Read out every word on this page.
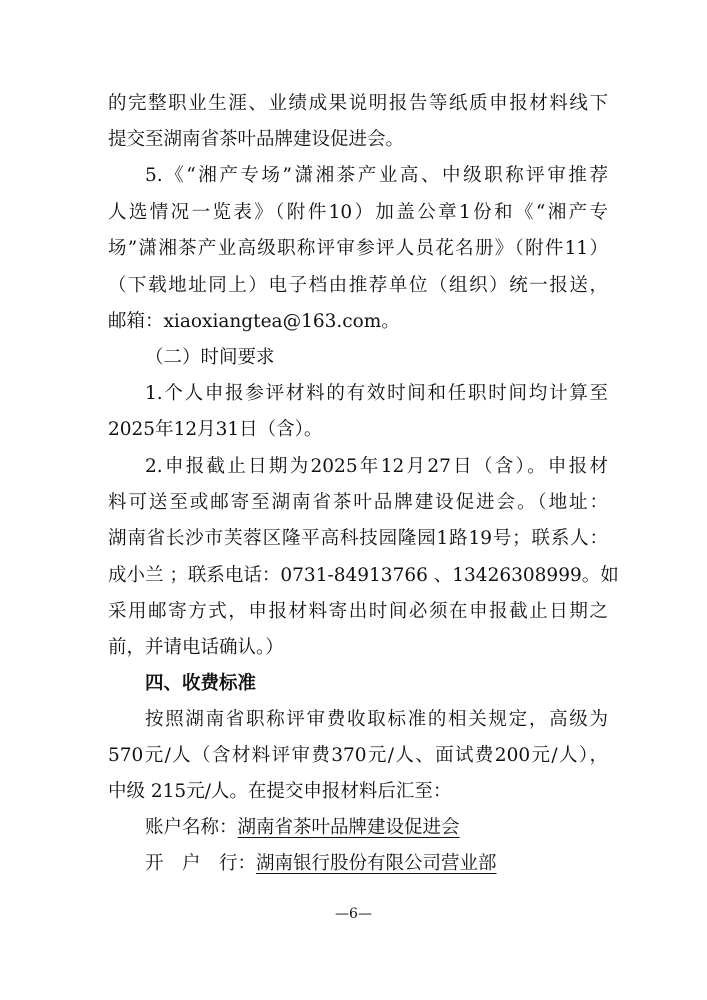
的完整职业生涯、业绩成果说明报告等纸质申报材料线下
提交至湖南省茶叶品牌建设促进会。
5.《“湘产专场”潇湘茶产业高、中级职称评审推荐
人选情况一览表》（附件10）加盖公章1份和《“湘产专
场”潇湘茶产业高级职称评审参评人员花名册》（附件11）
（下载地址同上）电子档由推荐单位（组织）统一报送，
邮箱：xiaoxiangtea@163.com。
（二）时间要求
1.个人申报参评材料的有效时间和任职时间均计算至
2025年12月31日（含）。
2.申报截止日期为2025年12月27日（含）。申报材
料可送至或邮寄至湖南省茶叶品牌建设促进会。（地址：
湖南省长沙市芙蓉区隆平高科技园隆园1路19号；联系人：
成小兰 ；联系电话：0731-84913766 、13426308999。如
采用邮寄方式，申报材料寄出时间必须在申报截止日期之
前，并请电话确认。）
四、收费标准
按照湖南省职称评审费收取标准的相关规定，高级为
570元/人（含材料评审费370元/人、面试费200元/人），
中级 215元/人。在提交申报材料后汇至：
账户名称：湖南省茶叶品牌建设促进会
开　户　行：湖南银行股份有限公司营业部
—6—
